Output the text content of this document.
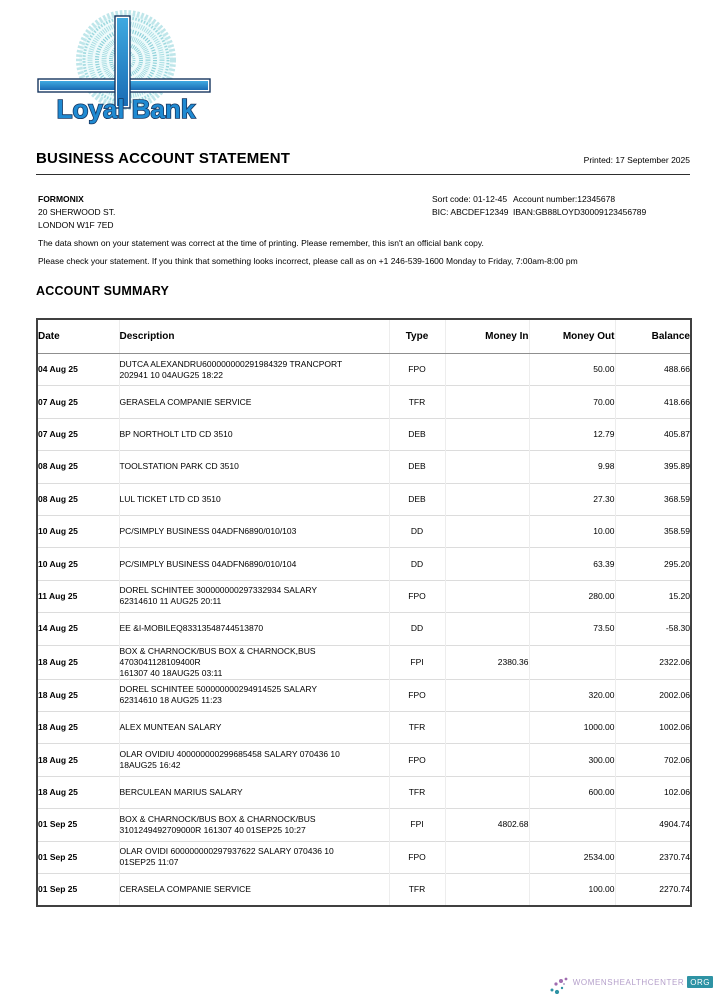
Loyal Bank
BUSINESS ACCOUNT STATEMENT	Printed: 17 September 2025
FORMONIX
20 SHERWOOD ST.
LONDON W1F 7ED
Sort code: 01-12-45 Account number:12345678
BIC: ABCDEF12349 IBAN:GB88LOYD30009123456789

The data shown on your statement was correct at the time of printing. Please remember, this isn't an official bank copy.

Please check your statement. If you think that something looks incorrect, please call as on +1 246-539-1600 Monday to Friday, 7:00am-8:00 pm

ACCOUNT SUMMARY
Date	Description	Type	Money In	Money Out	Balance

04 Aug 25	DUTCA ALEXANDRU600000000291984329 TRANCPORT
202941 10 04AUG25 18:22	FPO		50.00	488.66

07 Aug 25	GERASELA COMPANIE SERVICE	TFR		70.00	418.66

07 Aug 25	BP NORTHOLT LTD CD 3510	DEB		12.79	405.87

08 Aug 25	TOOLSTATION PARK CD 3510	DEB		9.98	395.89

08 Aug 25	LUL TICKET LTD CD 3510	DEB		27.30	368.59

10 Aug 25	PC/SIMPLY BUSINESS 04ADFN6890/010/103	DD		10.00	358.59

10 Aug 25	PC/SIMPLY BUSINESS 04ADFN6890/010/104	DD		63.39	295.20

11 Aug 25	DOREL SCHINTEE 300000000297332934 SALARY
62314610 11 AUG25 20:11	FPO		280.00	15.20

14 Aug 25	EE &I-MOBILEQ83313548744513870	DD		73.50	-58.30

18 Aug 25	BOX & CHARNOCK/BUS BOX & CHARNOCK,BUS 4703041128109400R
161307 40 18AUG25 03:11	FPI	2380.36		2322.06

18 Aug 25	DOREL SCHINTEE 500000000294914525 SALARY
62314610 18 AUG25 11:23	FPO		320.00	2002.06

18 Aug 25	ALEX MUNTEAN SALARY	TFR		1000.00	1002.06

18 Aug 25	OLAR OVIDIU 400000000299685458 SALARY 070436 10
18AUG25 16:42	FPO		300.00	702.06

18 Aug 25	BERCULEAN MARIUS SALARY	TFR		600.00	102.06

01 Sep 25	BOX & CHARNOCK/BUS BOX & CHARNOCK/BUS
3101249492709000R 161307 40 01SEP25 10:27	FPI	4802.68		4904.74

01 Sep 25	OLAR OVIDI 600000000297937622 SALARY 070436 10
01SEP25 11:07	FPO		2534.00	2370.74

01 Sep 25	CERASELA COMPANIE SERVICE	TFR		100.00	2270.74
WOMENSHEALTHCENTER ORG
